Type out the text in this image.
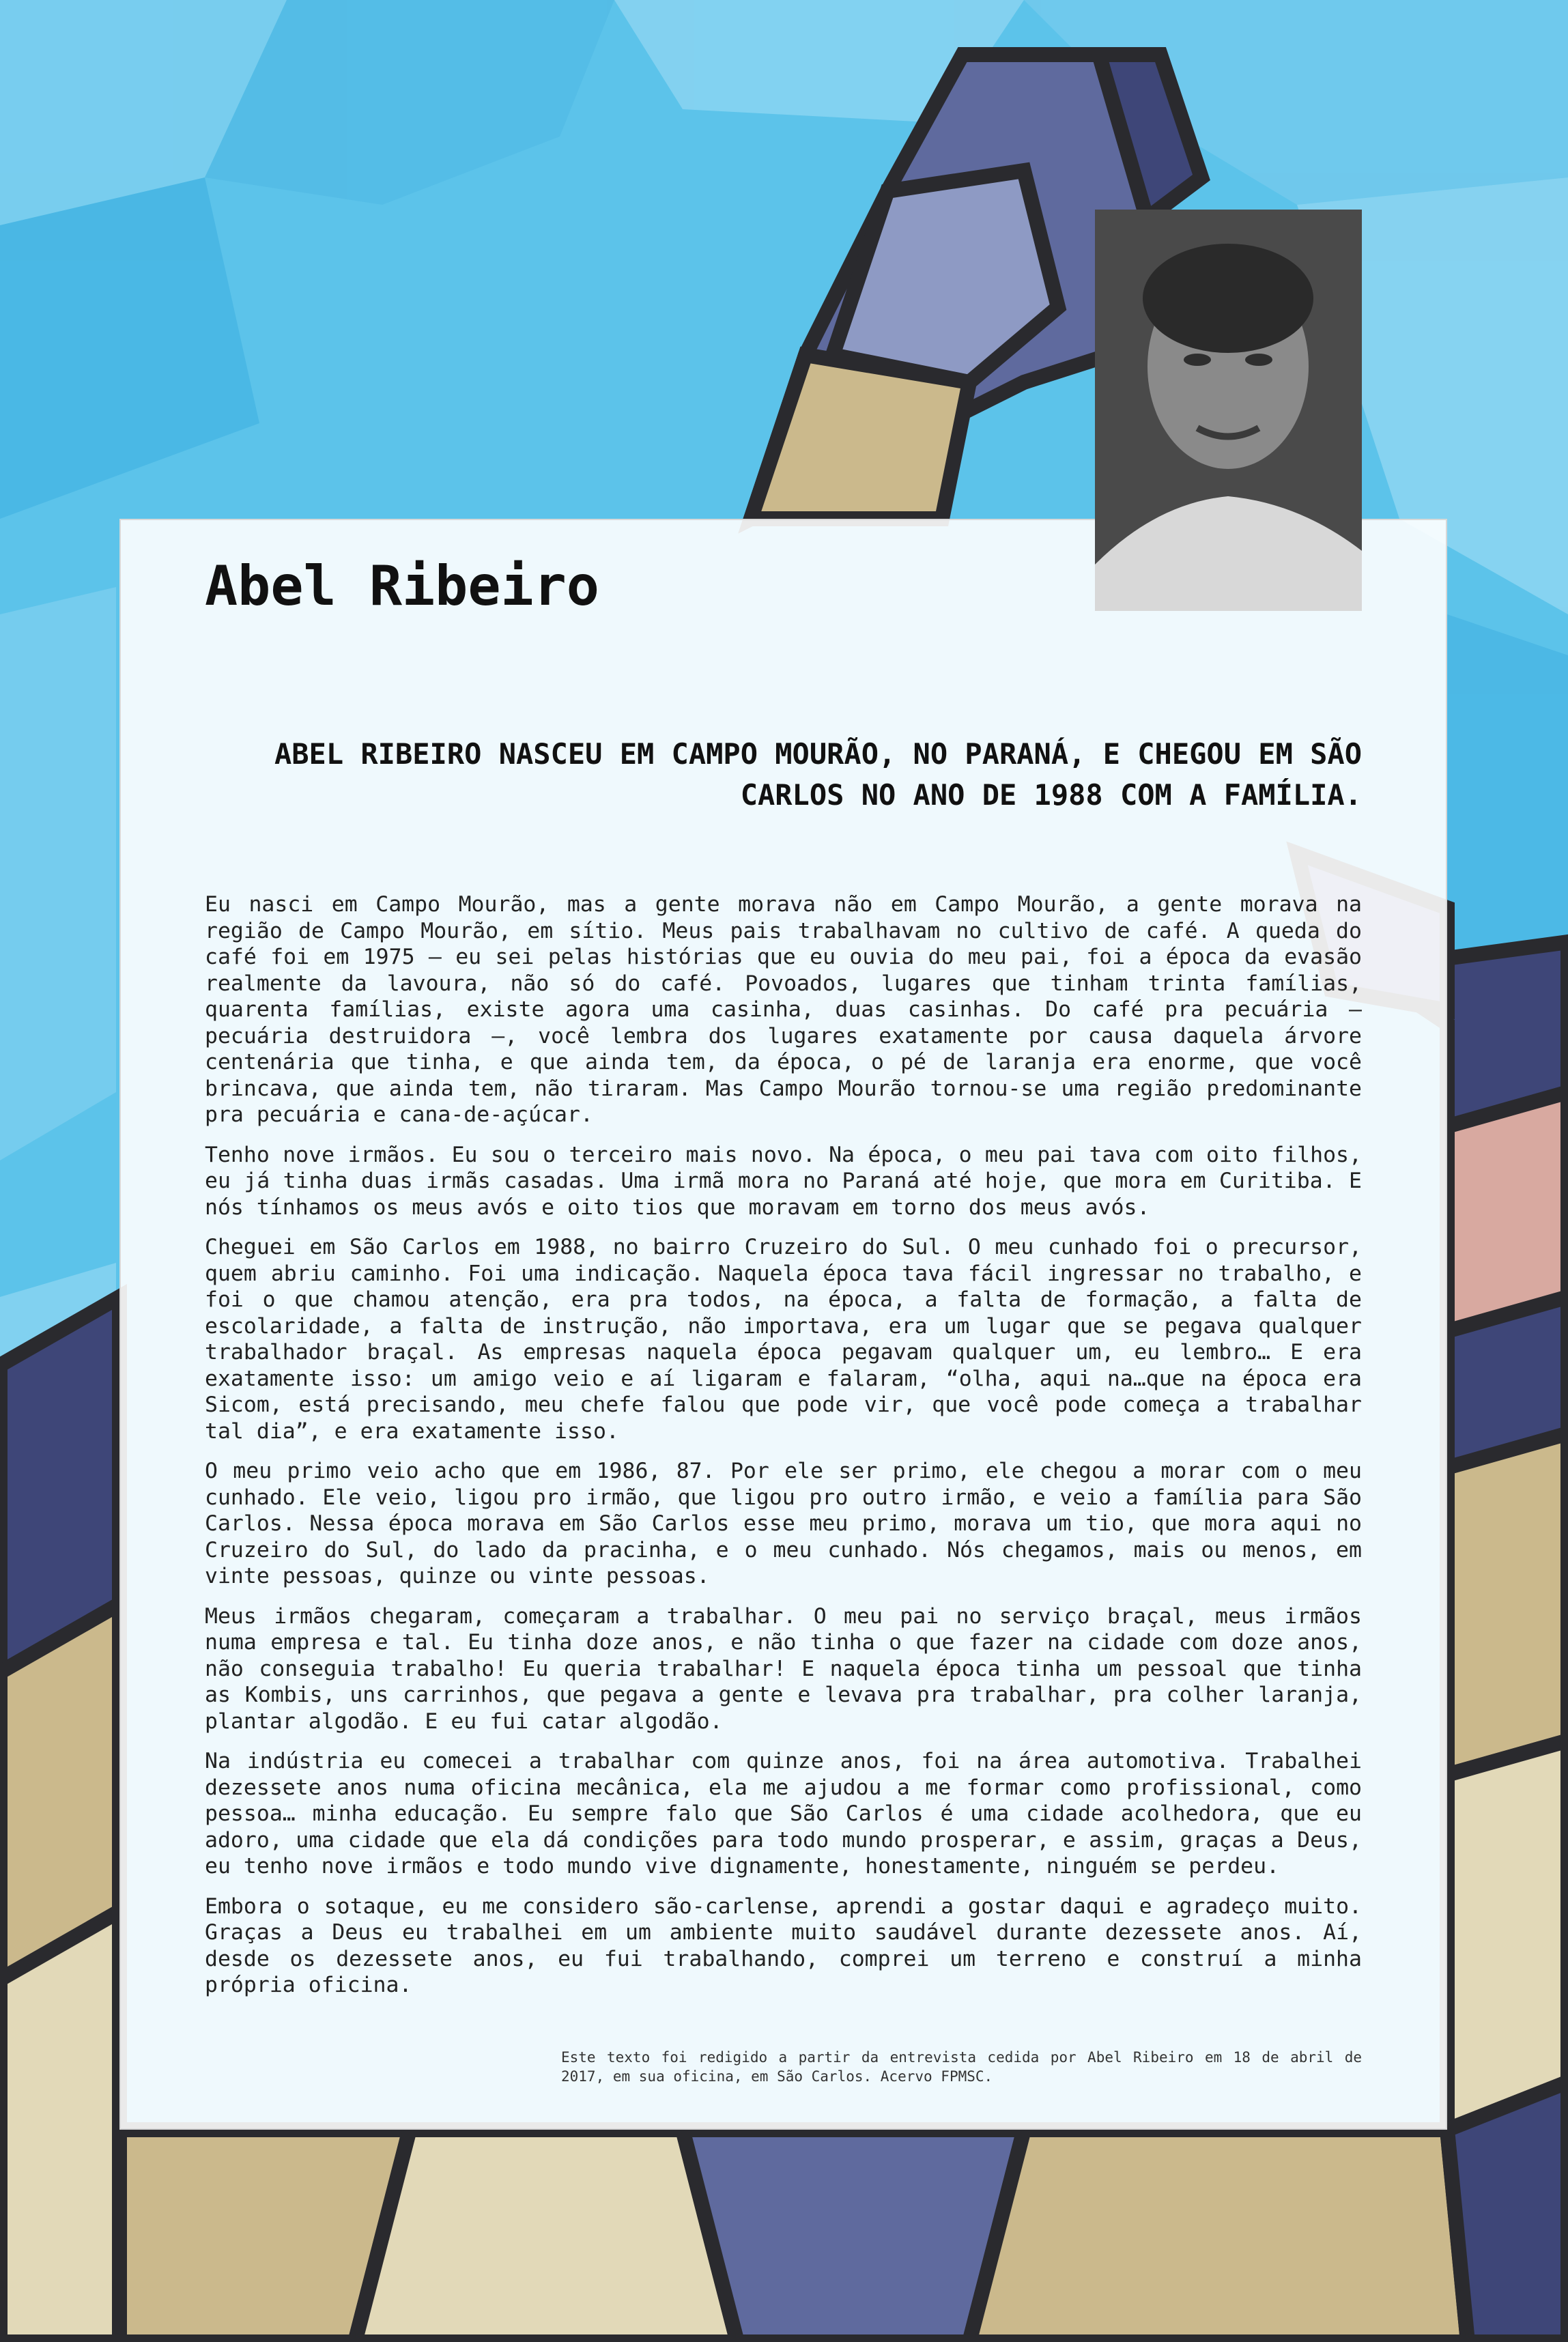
Abel Ribeiro
ABEL RIBEIRO NASCEU EM CAMPO MOURÃO, NO PARANÁ, E CHEGOU EM SÃO CARLOS NO ANO DE 1988 COM A FAMÍLIA.

Eu nasci em Campo Mourão, mas a gente morava não em Campo Mourão, a gente morava na região de Campo Mourão, em sítio. Meus pais trabalhavam no cultivo de café. A queda do café foi em 1975 – eu sei pelas histórias que eu ouvia do meu pai, foi a época da evasão realmente da lavoura, não só do café. Povoados, lugares que tinham trinta famílias, quarenta famílias, existe agora uma casinha, duas casinhas. Do café pra pecuária – pecuária destruidora –, você lembra dos lugares exatamente por causa daquela árvore centenária que tinha, e que ainda tem, da época, o pé de laranja era enorme, que você brincava, que ainda tem, não tiraram. Mas Campo Mourão tornou-se uma região predominante pra pecuária e cana-de-açúcar.

Tenho nove irmãos. Eu sou o terceiro mais novo. Na época, o meu pai tava com oito filhos, eu já tinha duas irmãs casadas. Uma irmã mora no Paraná até hoje, que mora em Curitiba. E nós tínhamos os meus avós e oito tios que moravam em torno dos meus avós.

Cheguei em São Carlos em 1988, no bairro Cruzeiro do Sul. O meu cunhado foi o precursor, quem abriu caminho. Foi uma indicação. Naquela época tava fácil ingressar no trabalho, e foi o que chamou atenção, era pra todos, na época, a falta de formação, a falta de escolaridade, a falta de instrução, não importava, era um lugar que se pegava qualquer trabalhador braçal. As empresas naquela época pegavam qualquer um, eu lembro… E era exatamente isso: um amigo veio e aí ligaram e falaram, “olha, aqui na…que na época era Sicom, está precisando, meu chefe falou que pode vir, que você pode começa a trabalhar tal dia”, e era exatamente isso.

O meu primo veio acho que em 1986, 87. Por ele ser primo, ele chegou a morar com o meu cunhado. Ele veio, ligou pro irmão, que ligou pro outro irmão, e veio a família para São Carlos. Nessa época morava em São Carlos esse meu primo, morava um tio, que mora aqui no Cruzeiro do Sul, do lado da pracinha, e o meu cunhado. Nós chegamos, mais ou menos, em vinte pessoas, quinze ou vinte pessoas.

Meus irmãos chegaram, começaram a trabalhar. O meu pai no serviço braçal, meus irmãos numa empresa e tal. Eu tinha doze anos, e não tinha o que fazer na cidade com doze anos, não conseguia trabalho! Eu queria trabalhar! E naquela época tinha um pessoal que tinha as Kombis, uns carrinhos, que pegava a gente e levava pra trabalhar, pra colher laranja, plantar algodão. E eu fui catar algodão.

Na indústria eu comecei a trabalhar com quinze anos, foi na área automotiva. Trabalhei dezessete anos numa oficina mecânica, ela me ajudou a me formar como profissional, como pessoa… minha educação. Eu sempre falo que São Carlos é uma cidade acolhedora, que eu adoro, uma cidade que ela dá condições para todo mundo prosperar, e assim, graças a Deus, eu tenho nove irmãos e todo mundo vive dignamente, honestamente, ninguém se perdeu.

Embora o sotaque, eu me considero são-carlense, aprendi a gostar daqui e agradeço muito. Graças a Deus eu trabalhei em um ambiente muito saudável durante dezessete anos. Aí, desde os dezessete anos, eu fui trabalhando, comprei um terreno e construí a minha própria oficina.

Este texto foi redigido a partir da entrevista cedida por Abel Ribeiro em 18 de abril de 2017, em sua oficina, em São Carlos. Acervo FPMSC.
